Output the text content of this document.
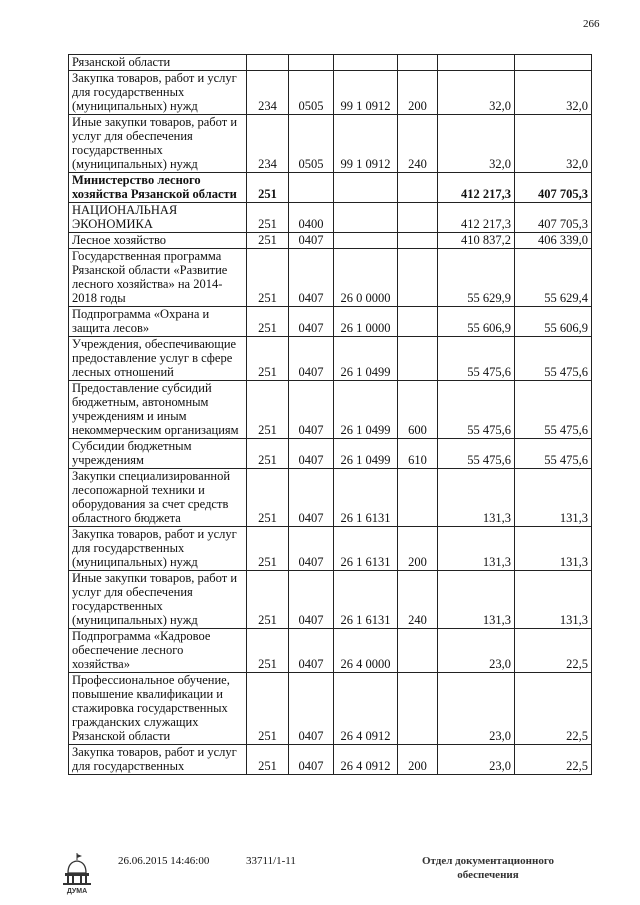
266
Рязанской области						
Закупка товаров, работ и услуг для государственных (муниципальных) нужд	234	0505	99 1 0912	200	32,0	32,0
Иные закупки товаров, работ и услуг для обеспечения государственных (муниципальных) нужд	234	0505	99 1 0912	240	32,0	32,0
Министерство лесного хозяйства Рязанской области	251				412 217,3	407 705,3
НАЦИОНАЛЬНАЯ ЭКОНОМИКА	251	0400			412 217,3	407 705,3
Лесное хозяйство	251	0407			410 837,2	406 339,0
Государственная программа Рязанской области «Развитие лесного хозяйства» на 2014-2018 годы	251	0407	26 0 0000		55 629,9	55 629,4
Подпрограмма «Охрана и защита лесов»	251	0407	26 1 0000		55 606,9	55 606,9
Учреждения, обеспечивающие предоставление услуг в сфере лесных отношений	251	0407	26 1 0499		55 475,6	55 475,6
Предоставление субсидий бюджетным, автономным учреждениям и иным некоммерческим организациям	251	0407	26 1 0499	600	55 475,6	55 475,6
Субсидии бюджетным учреждениям	251	0407	26 1 0499	610	55 475,6	55 475,6
Закупки специализированной лесопожарной техники и оборудования за счет средств областного бюджета	251	0407	26 1 6131		131,3	131,3
Закупка товаров, работ и услуг для государственных (муниципальных) нужд	251	0407	26 1 6131	200	131,3	131,3
Иные закупки товаров, работ и услуг для обеспечения государственных (муниципальных) нужд	251	0407	26 1 6131	240	131,3	131,3
Подпрограмма «Кадровое обеспечение лесного хозяйства»	251	0407	26 4 0000		23,0	22,5
Профессиональное обучение, повышение квалификации и стажировка государственных гражданских служащих Рязанской области	251	0407	26 4 0912		23,0	22,5
Закупка товаров, работ и услуг для государственных	251	0407	26 4 0912	200	23,0	22,5
ДУМА
26.06.2015 14:46:00	33711/1-11	Отдел документационного
обеспечения
